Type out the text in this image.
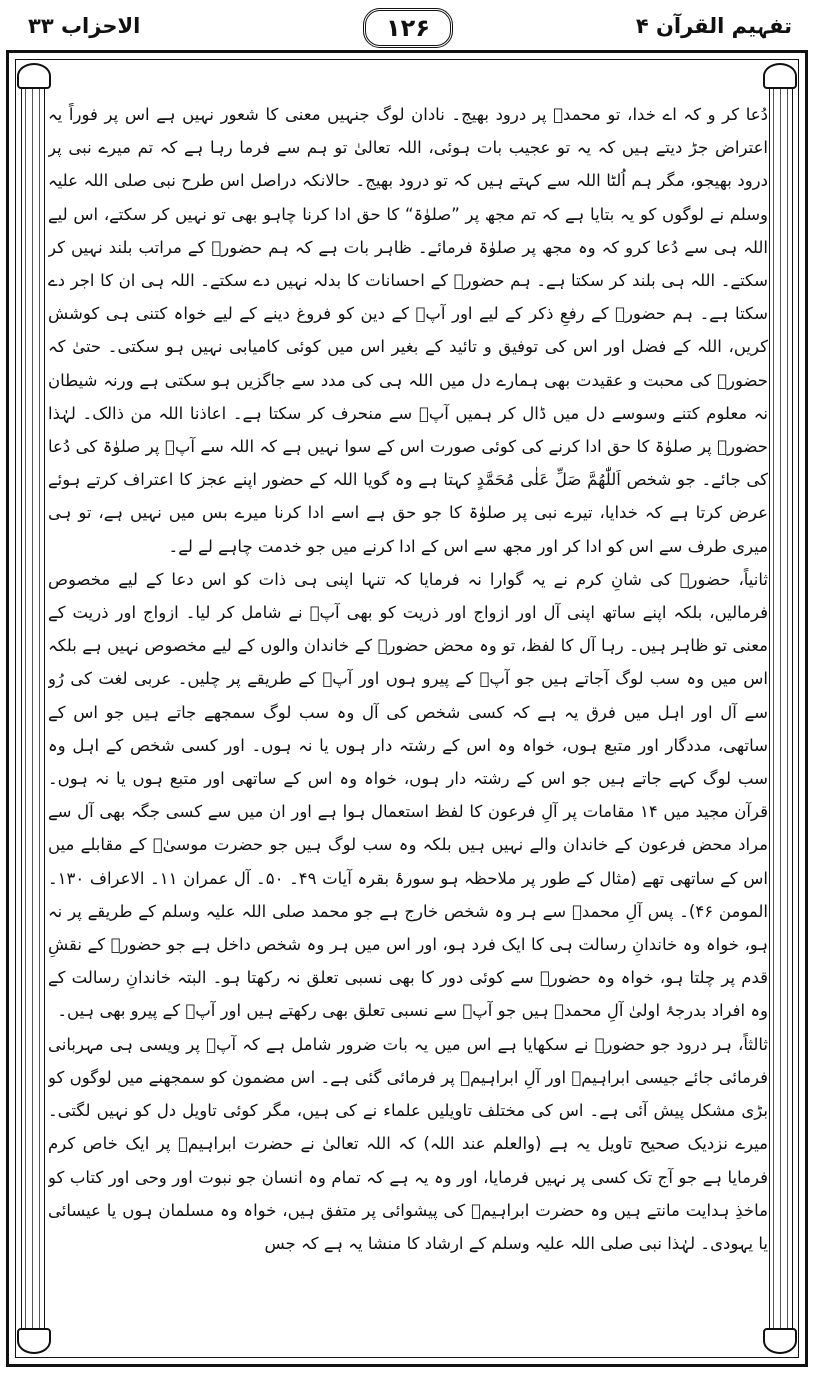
الاحزاب ۳۳	۱۲۶	تفہیم القرآن ۴

دُعا کر و کہ اے خدا، تو محمدؐ پر درود بھیج۔ نادان لوگ جنہیں معنی کا شعور نہیں ہے اس پر فوراً یہ اعتراض جڑ دیتے ہیں کہ یہ تو عجیب بات ہوئی، اللہ تعالیٰ تو ہم سے فرما رہا ہے کہ تم میرے نبی پر درود بھیجو، مگر ہم اُلٹا اللہ سے کہتے ہیں کہ تو درود بھیج۔ حالانکہ دراصل اس طرح نبی صلی اللہ علیہ وسلم نے لوگوں کو یہ بتایا ہے کہ تم مجھ پر ”صلوٰۃ“ کا حق ادا کرنا چاہو بھی تو نہیں کر سکتے، اس لیے اللہ ہی سے دُعا کرو کہ وہ مجھ پر صلوٰۃ فرمائے۔ ظاہر بات ہے کہ ہم حضورؐ کے مراتب بلند نہیں کر سکتے۔ اللہ ہی بلند کر سکتا ہے۔ ہم حضورؐ کے احسانات کا بدلہ نہیں دے سکتے۔ اللہ ہی ان کا اجر دے سکتا ہے۔ ہم حضورؐ کے رفعِ ذکر کے لیے اور آپؐ کے دین کو فروغ دینے کے لیے خواہ کتنی ہی کوشش کریں، اللہ کے فضل اور اس کی توفیق و تائید کے بغیر اس میں کوئی کامیابی نہیں ہو سکتی۔ حتیٰ کہ حضورؐ کی محبت و عقیدت بھی ہمارے دل میں اللہ ہی کی مدد سے جاگزیں ہو سکتی ہے ورنہ شیطان نہ معلوم کتنے وسوسے دل میں ڈال کر ہمیں آپؐ سے منحرف کر سکتا ہے۔ اعاذنا اللہ من ذالک۔ لہٰذا حضورؐ پر صلوٰۃ کا حق ادا کرنے کی کوئی صورت اس کے سوا نہیں ہے کہ اللہ سے آپؐ پر صلوٰۃ کی دُعا کی جائے۔ جو شخص اَللّٰھُمَّ صَلِّ عَلٰی مُحَمَّدٍ کہتا ہے وہ گویا اللہ کے حضور اپنے عجز کا اعتراف کرتے ہوئے عرض کرتا ہے کہ خدایا، تیرے نبی پر صلوٰۃ کا جو حق ہے اسے ادا کرنا میرے بس میں نہیں ہے، تو ہی میری طرف سے اس کو ادا کر اور مجھ سے اس کے ادا کرنے میں جو خدمت چاہے لے لے۔

ثانیاً، حضورؐ کی شانِ کرم نے یہ گوارا نہ فرمایا کہ تنہا اپنی ہی ذات کو اس دعا کے لیے مخصوص فرمالیں، بلکہ اپنے ساتھ اپنی آل اور ازواج اور ذریت کو بھی آپؐ نے شامل کر لیا۔ ازواج اور ذریت کے معنی تو ظاہر ہیں۔ رہا آل کا لفظ، تو وہ محض حضورؐ کے خاندان والوں کے لیے مخصوص نہیں ہے بلکہ اس میں وہ سب لوگ آجاتے ہیں جو آپؐ کے پیرو ہوں اور آپؐ کے طریقے پر چلیں۔ عربی لغت کی رُو سے آل اور اہل میں فرق یہ ہے کہ کسی شخص کی آل وہ سب لوگ سمجھے جاتے ہیں جو اس کے ساتھی، مددگار اور متبع ہوں، خواہ وہ اس کے رشتہ دار ہوں یا نہ ہوں۔ اور کسی شخص کے اہل وہ سب لوگ کہے جاتے ہیں جو اس کے رشتہ دار ہوں، خواہ وہ اس کے ساتھی اور متبع ہوں یا نہ ہوں۔ قرآن مجید میں ۱۴ مقامات پر آلِ فرعون کا لفظ استعمال ہوا ہے اور ان میں سے کسی جگہ بھی آل سے مراد محض فرعون کے خاندان والے نہیں ہیں بلکہ وہ سب لوگ ہیں جو حضرت موسیٰؑ کے مقابلے میں اس کے ساتھی تھے (مثال کے طور پر ملاحظہ ہو سورۂ بقرہ آیات ۴۹۔ ۵۰۔ آل عمران ۱۱۔ الاعراف ۱۳۰۔ المومن ۴۶)۔ پس آلِ محمدؐ سے ہر وہ شخص خارج ہے جو محمد صلی اللہ علیہ وسلم کے طریقے پر نہ ہو، خواہ وہ خاندانِ رسالت ہی کا ایک فرد ہو، اور اس میں ہر وہ شخص داخل ہے جو حضورؐ کے نقشِ قدم پر چلتا ہو، خواہ وہ حضورؐ سے کوئی دور کا بھی نسبی تعلق نہ رکھتا ہو۔ البتہ خاندانِ رسالت کے وہ افراد بدرجۂ اولیٰ آلِ محمدؐ ہیں جو آپؐ سے نسبی تعلق بھی رکھتے ہیں اور آپؐ کے پیرو بھی ہیں۔

ثالثاً، ہر درود جو حضورؐ نے سکھایا ہے اس میں یہ بات ضرور شامل ہے کہ آپؐ پر ویسی ہی مہربانی فرمائی جائے جیسی ابراہیمؑ اور آلِ ابراہیمؑ پر فرمائی گئی ہے۔ اس مضمون کو سمجھنے میں لوگوں کو بڑی مشکل پیش آئی ہے۔ اس کی مختلف تاویلیں علماء نے کی ہیں، مگر کوئی تاویل دل کو نہیں لگتی۔ میرے نزدیک صحیح تاویل یہ ہے (والعلم عند اللہ) کہ اللہ تعالیٰ نے حضرت ابراہیمؑ پر ایک خاص کرم فرمایا ہے جو آج تک کسی پر نہیں فرمایا، اور وہ یہ ہے کہ تمام وہ انسان جو نبوت اور وحی اور کتاب کو ماخذِ ہدایت مانتے ہیں وہ حضرت ابراہیمؑ کی پیشوائی پر متفق ہیں، خواہ وہ مسلمان ہوں یا عیسائی یا یہودی۔ لہٰذا نبی صلی اللہ علیہ وسلم کے ارشاد کا منشا یہ ہے کہ جس
